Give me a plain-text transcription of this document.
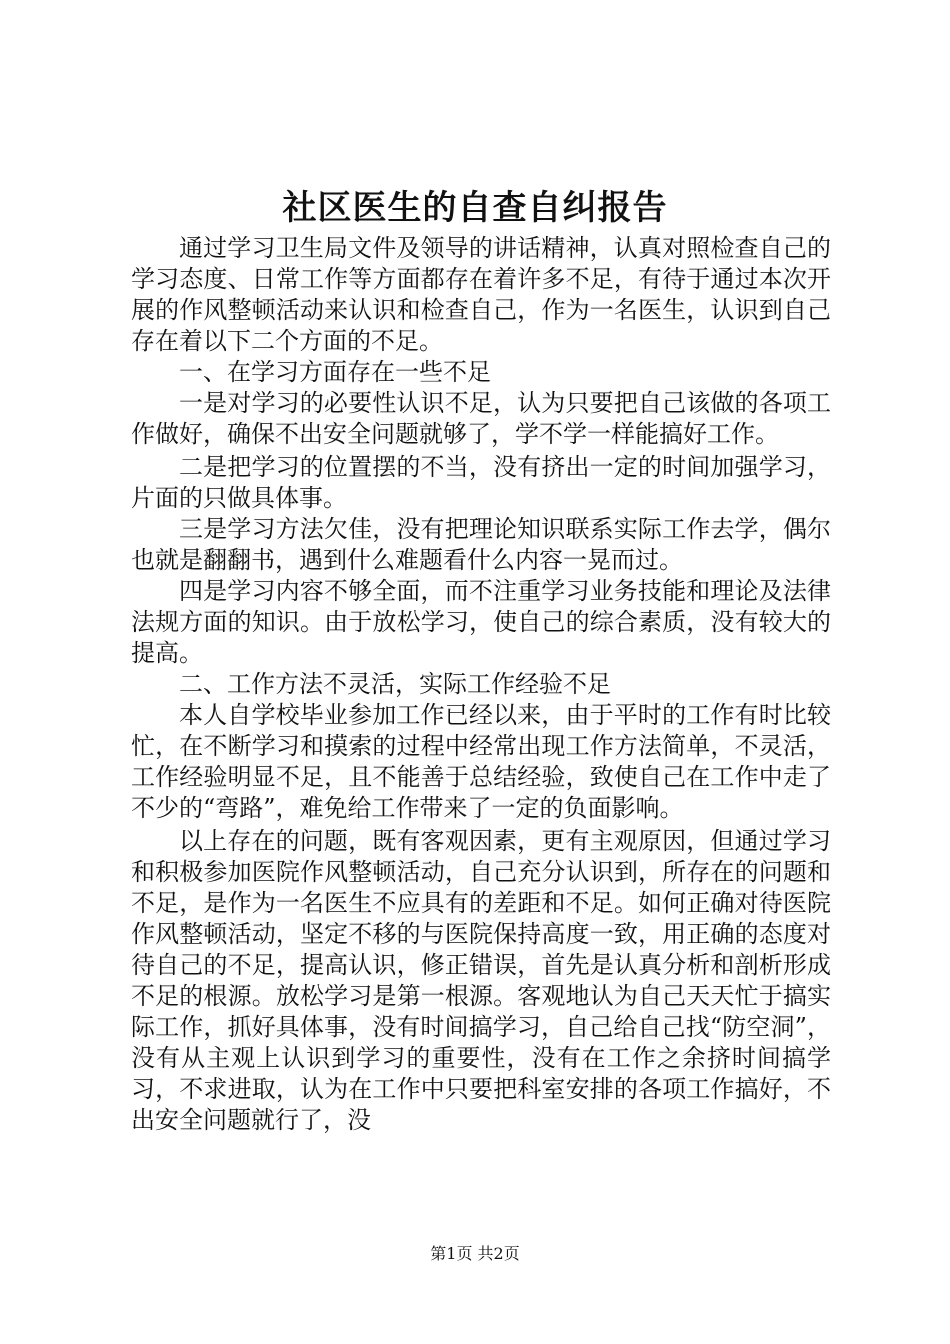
社区医生的自查自纠报告

通过学习卫生局文件及领导的讲话精神，认真对照检查自己的学习态度、日常工作等方面都存在着许多不足，有待于通过本次开展的作风整顿活动来认识和检查自己，作为一名医生，认识到自己存在着以下二个方面的不足。

一、在学习方面存在一些不足

一是对学习的必要性认识不足，认为只要把自己该做的各项工作做好，确保不出安全问题就够了，学不学一样能搞好工作。

二是把学习的位置摆的不当，没有挤出一定的时间加强学习，片面的只做具体事。

三是学习方法欠佳，没有把理论知识联系实际工作去学，偶尔也就是翻翻书，遇到什么难题看什么内容一晃而过。

四是学习内容不够全面，而不注重学习业务技能和理论及法律法规方面的知识。由于放松学习，使自己的综合素质，没有较大的提高。

二、工作方法不灵活，实际工作经验不足

本人自学校毕业参加工作已经以来，由于平时的工作有时比较忙，在不断学习和摸索的过程中经常出现工作方法简单，不灵活，工作经验明显不足，且不能善于总结经验，致使自己在工作中走了不少的“弯路”，难免给工作带来了一定的负面影响。

以上存在的问题，既有客观因素，更有主观原因，但通过学习和积极参加医院作风整顿活动，自己充分认识到，所存在的问题和不足，是作为一名医生不应具有的差距和不足。如何正确对待医院作风整顿活动，坚定不移的与医院保持高度一致，用正确的态度对待自己的不足，提高认识，修正错误，首先是认真分析和剖析形成不足的根源。放松学习是第一根源。客观地认为自己天天忙于搞实际工作，抓好具体事，没有时间搞学习，自己给自己找“防空洞”，没有从主观上认识到学习的重要性，没有在工作之余挤时间搞学习，不求进取，认为在工作中只要把科室安排的各项工作搞好，不出安全问题就行了，没

第1页 共2页
